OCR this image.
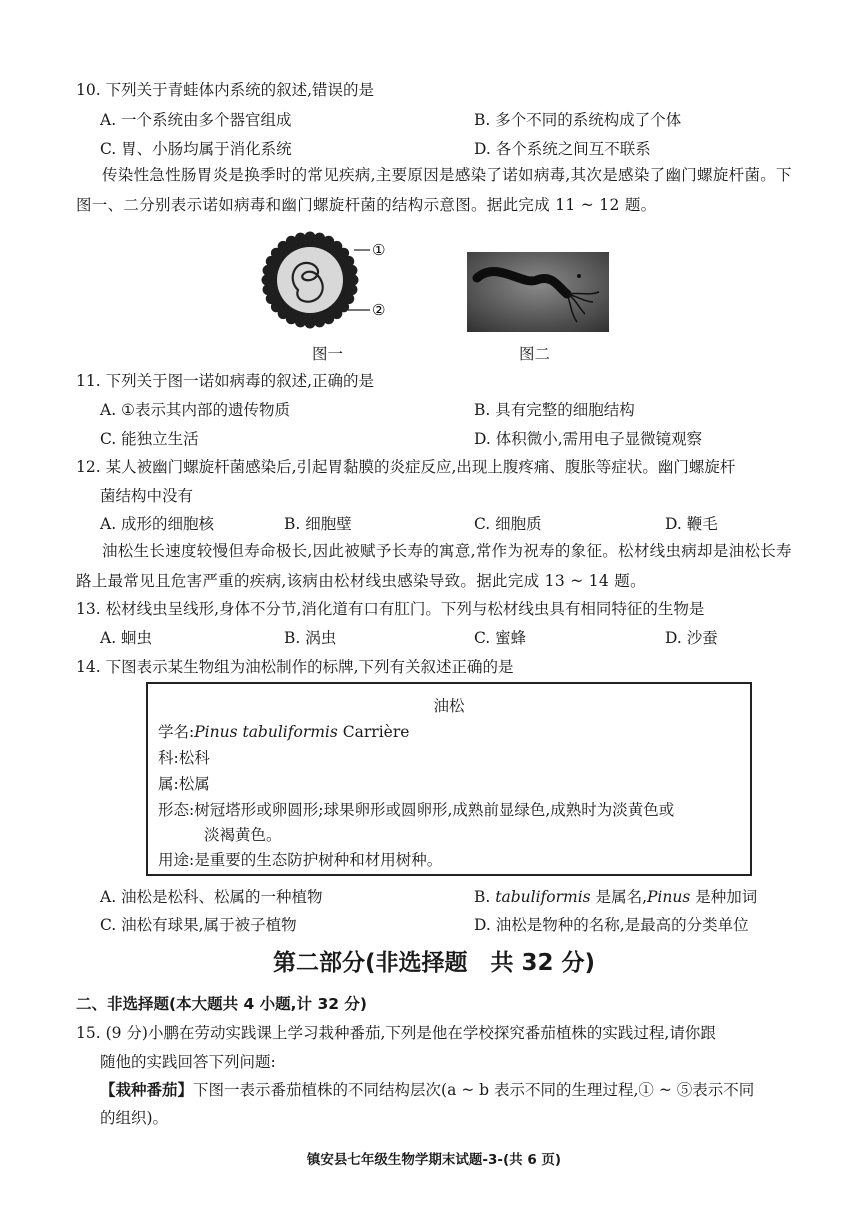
10. 下列关于青蛙体内系统的叙述,错误的是
A. 一个系统由多个器官组成	B. 多个不同的系统构成了个体
C. 胃、小肠均属于消化系统	D. 各个系统之间互不联系
传染性急性肠胃炎是换季时的常见疾病,主要原因是感染了诺如病毒,其次是感染了幽门螺旋杆菌。下图一、二分别表示诺如病毒和幽门螺旋杆菌的结构示意图。据此完成 11 ~ 12 题。
①
②
图一	图二
11. 下列关于图一诺如病毒的叙述,正确的是
A. ①表示其内部的遗传物质	B. 具有完整的细胞结构
C. 能独立生活	D. 体积微小,需用电子显微镜观察
12. 某人被幽门螺旋杆菌感染后,引起胃黏膜的炎症反应,出现上腹疼痛、腹胀等症状。幽门螺旋杆
菌结构中没有
A. 成形的细胞核	B. 细胞壁	C. 细胞质	D. 鞭毛
油松生长速度较慢但寿命极长,因此被赋予长寿的寓意,常作为祝寿的象征。松材线虫病却是油松长寿路上最常见且危害严重的疾病,该病由松材线虫感染导致。据此完成 13 ~ 14 题。
13. 松材线虫呈线形,身体不分节,消化道有口有肛门。下列与松材线虫具有相同特征的生物是
A. 蛔虫	B. 涡虫	C. 蜜蜂	D. 沙蚕
14. 下图表示某生物组为油松制作的标牌,下列有关叙述正确的是
油松
学名:Pinus tabuliformis Carrière
科:松科
属:松属
形态:树冠塔形或卵圆形;球果卵形或圆卵形,成熟前显绿色,成熟时为淡黄色或
淡褐黄色。
用途:是重要的生态防护树种和材用树种。
A. 油松是松科、松属的一种植物	B. tabuliformis 是属名,Pinus 是种加词
C. 油松有球果,属于被子植物	D. 油松是物种的名称,是最高的分类单位
第二部分(非选择题　共 32 分)
二、非选择题(本大题共 4 小题,计 32 分)
15. (9 分)小鹏在劳动实践课上学习栽种番茄,下列是他在学校探究番茄植株的实践过程,请你跟
随他的实践回答下列问题:
【栽种番茄】下图一表示番茄植株的不同结构层次(a ~ b 表示不同的生理过程,① ~ ⑤表示不同
的组织)。
镇安县七年级生物学期末试题-3-(共 6 页)
